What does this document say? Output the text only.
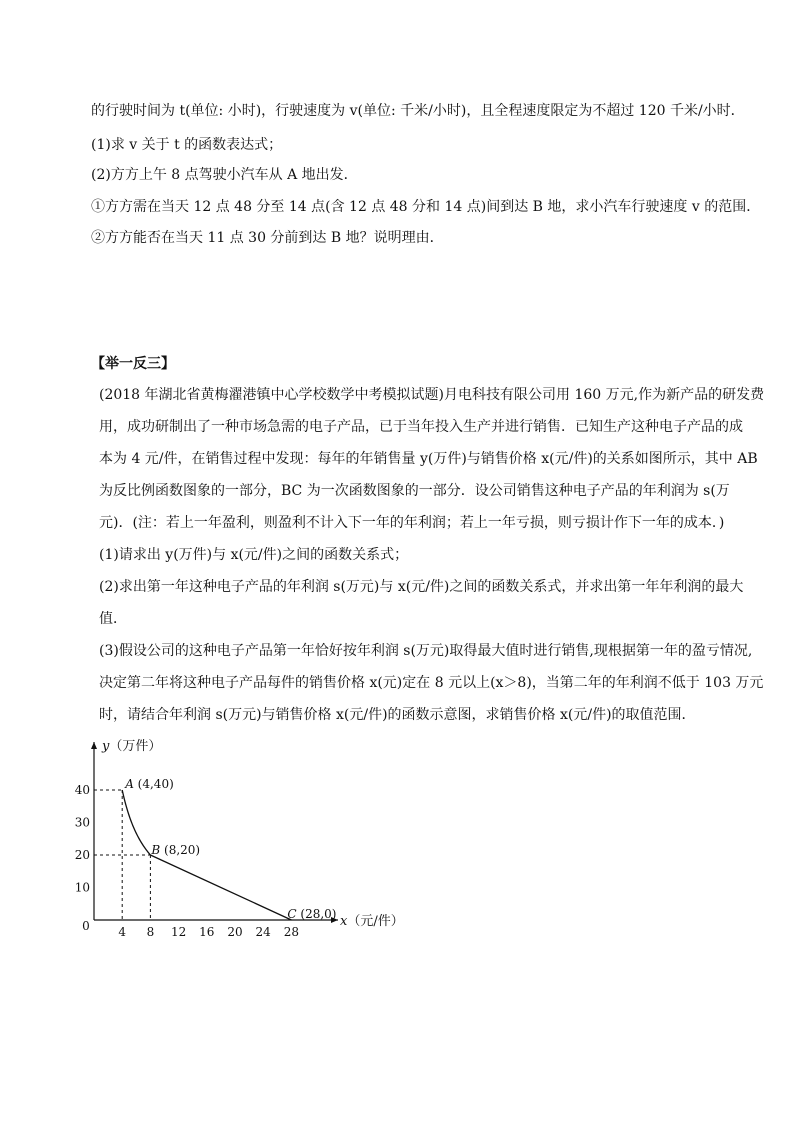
的行驶时间为 t(单位: 小时)，行驶速度为 v(单位: 千米/小时)，且全程速度限定为不超过 120 千米/小时．
(1)求 v 关于 t 的函数表达式；
(2)方方上午 8 点驾驶小汽车从 A 地出发．
①方方需在当天 12 点 48 分至 14 点(含 12 点 48 分和 14 点)间到达 B 地，求小汽车行驶速度 v 的范围．
②方方能否在当天 11 点 30 分前到达 B 地？说明理由．
【举一反三】
(2018 年湖北省黄梅濯港镇中心学校数学中考模拟试题)月电科技有限公司用 160 万元,作为新产品的研发费
用，成功研制出了一种市场急需的电子产品，已于当年投入生产并进行销售．已知生产这种电子产品的成
本为 4 元/件，在销售过程中发现：每年的年销售量 y(万件)与销售价格 x(元/件)的关系如图所示，其中 AB
为反比例函数图象的一部分，BC 为一次函数图象的一部分．设公司销售这种电子产品的年利润为 s(万
元)．(注：若上一年盈利，则盈利不计入下一年的年利润；若上一年亏损，则亏损计作下一年的成本．)
(1)请求出 y(万件)与 x(元/件)之间的函数关系式；
(2)求出第一年这种电子产品的年利润 s(万元)与 x(元/件)之间的函数关系式，并求出第一年年利润的最大
值．
(3)假设公司的这种电子产品第一年恰好按年利润 s(万元)取得最大值时进行销售,现根据第一年的盈亏情况,
决定第二年将这种电子产品每件的销售价格 x(元)定在 8 元以上(x＞8)，当第二年的年利润不低于 103 万元
时，请结合年利润 s(万元)与销售价格 x(元/件)的函数示意图，求销售价格 x(元/件)的取值范围．
x（元/件）
y（万件）
0 4 8 12 16 20 24 28
10
20
30
40	A (4,40)
B (8,20)
C (28,0)
